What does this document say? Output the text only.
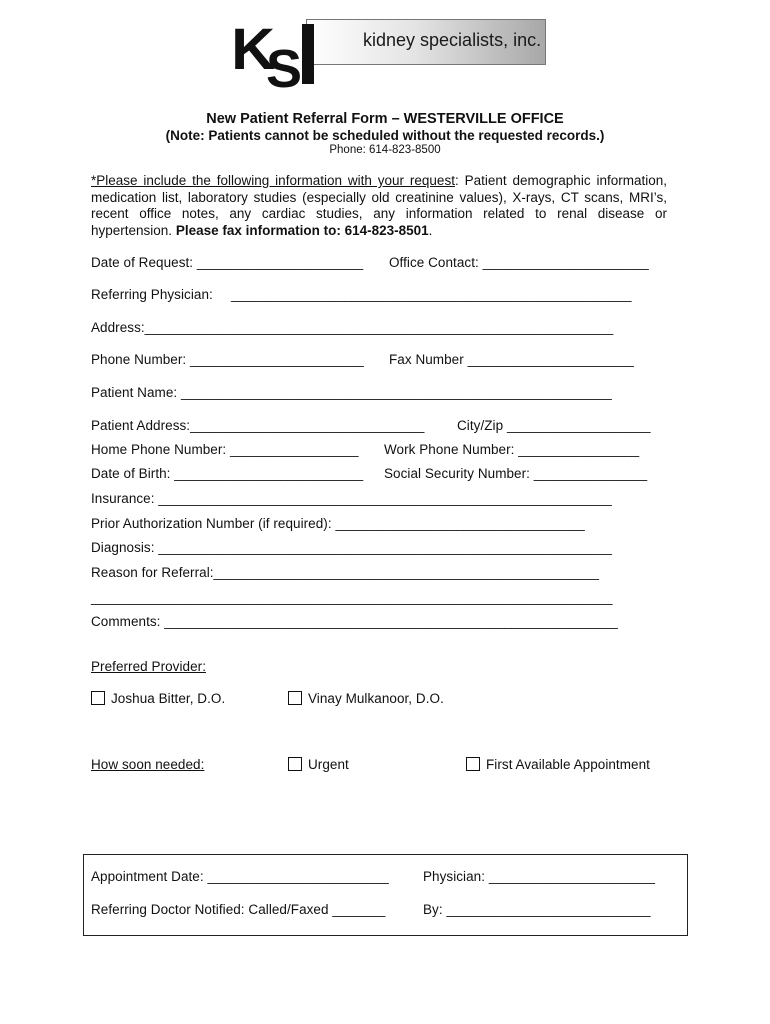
kidney specialists, inc.
K
S
New Patient Referral Form – WESTERVILLE OFFICE
(Note: Patients cannot be scheduled without the requested records.)
Phone: 614-823-8500
*Please include the following information with your request: Patient demographic information, medication list, laboratory studies (especially old creatinine values), X-rays, CT scans, MRI’s, recent office notes, any cardiac studies, any information related to renal disease or hypertension. Please fax information to: 614-823-8501.
Date of Request: ______________________ Office Contact: ______________________
Referring Physician: _____________________________________________________
Address:______________________________________________________________
Phone Number: _______________________ Fax Number ______________________
Patient Name: _________________________________________________________
Patient Address:_______________________________ City/Zip ___________________
Home Phone Number: _________________ Work Phone Number: ________________
Date of Birth: _________________________ Social Security Number: _______________
Insurance: ____________________________________________________________
Prior Authorization Number (if required): _________________________________
Diagnosis: ____________________________________________________________
Reason for Referral:___________________________________________________
_____________________________________________________________________
Comments: ____________________________________________________________
Preferred Provider:
Joshua Bitter, D.O.	Vinay Mulkanoor, D.O.
How soon needed:	Urgent	First Available Appointment
Appointment Date: ________________________	Physician: ______________________
Referring Doctor Notified: Called/Faxed _______	By: ___________________________
